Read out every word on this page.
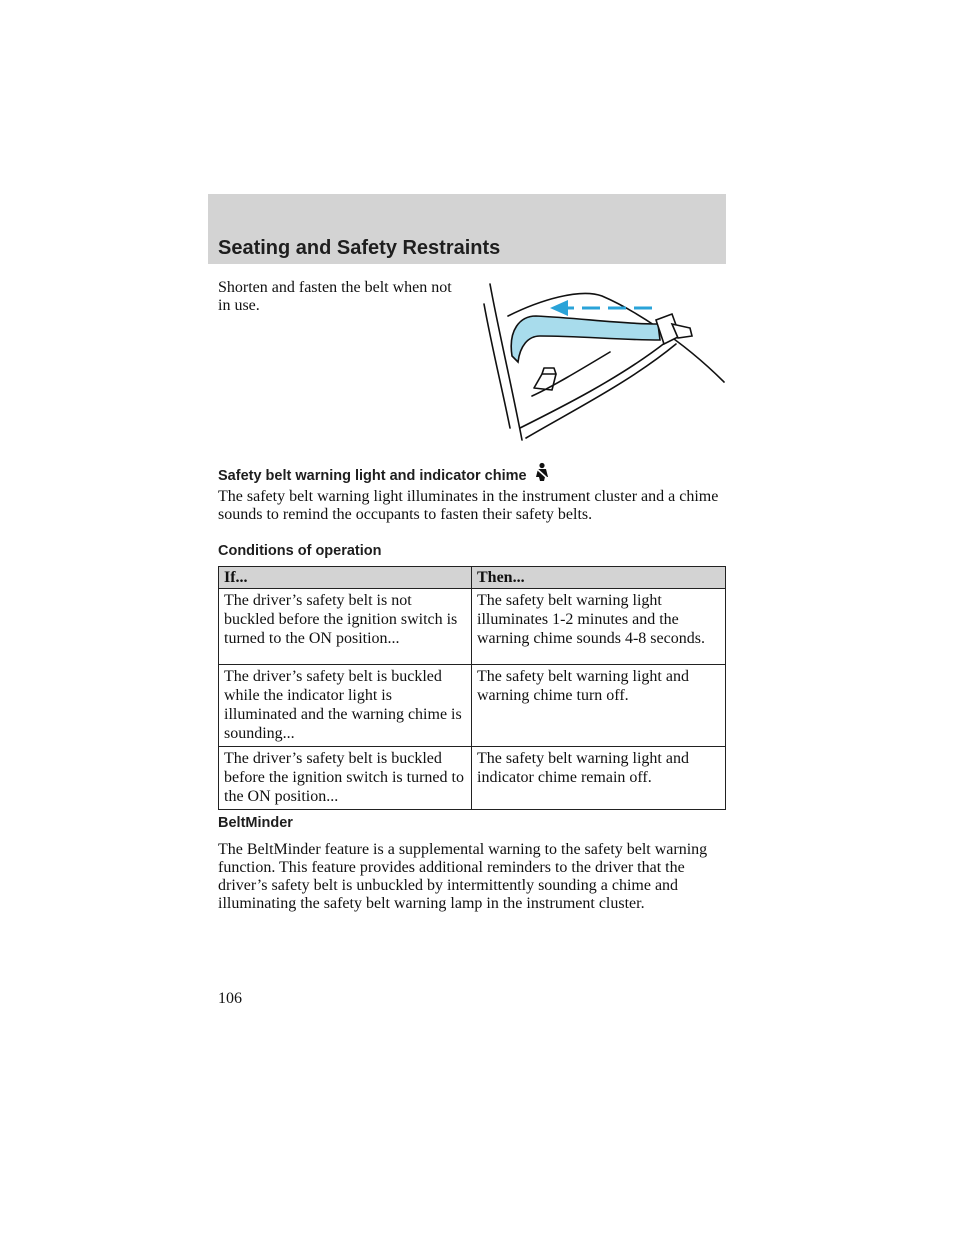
Seating and Safety Restraints

Shorten and fasten the belt when not in use.

Safety belt warning light and indicator chime

The safety belt warning light illuminates in the instrument cluster and a chime sounds to remind the occupants to fasten their safety belts.

Conditions of operation
If...	Then...
The driver’s safety belt is not buckled before the ignition switch is turned to the ON position...	The safety belt warning light illuminates 1-2 minutes and the warning chime sounds 4-8 seconds.
The driver’s safety belt is buckled while the indicator light is illuminated and the warning chime is sounding...	The safety belt warning light and warning chime turn off.
The driver’s safety belt is buckled before the ignition switch is turned to the ON position...	The safety belt warning light and indicator chime remain off.
BeltMinder

The BeltMinder feature is a supplemental warning to the safety belt warning function. This feature provides additional reminders to the driver that the driver’s safety belt is unbuckled by intermittently sounding a chime and illuminating the safety belt warning lamp in the instrument cluster.

106
